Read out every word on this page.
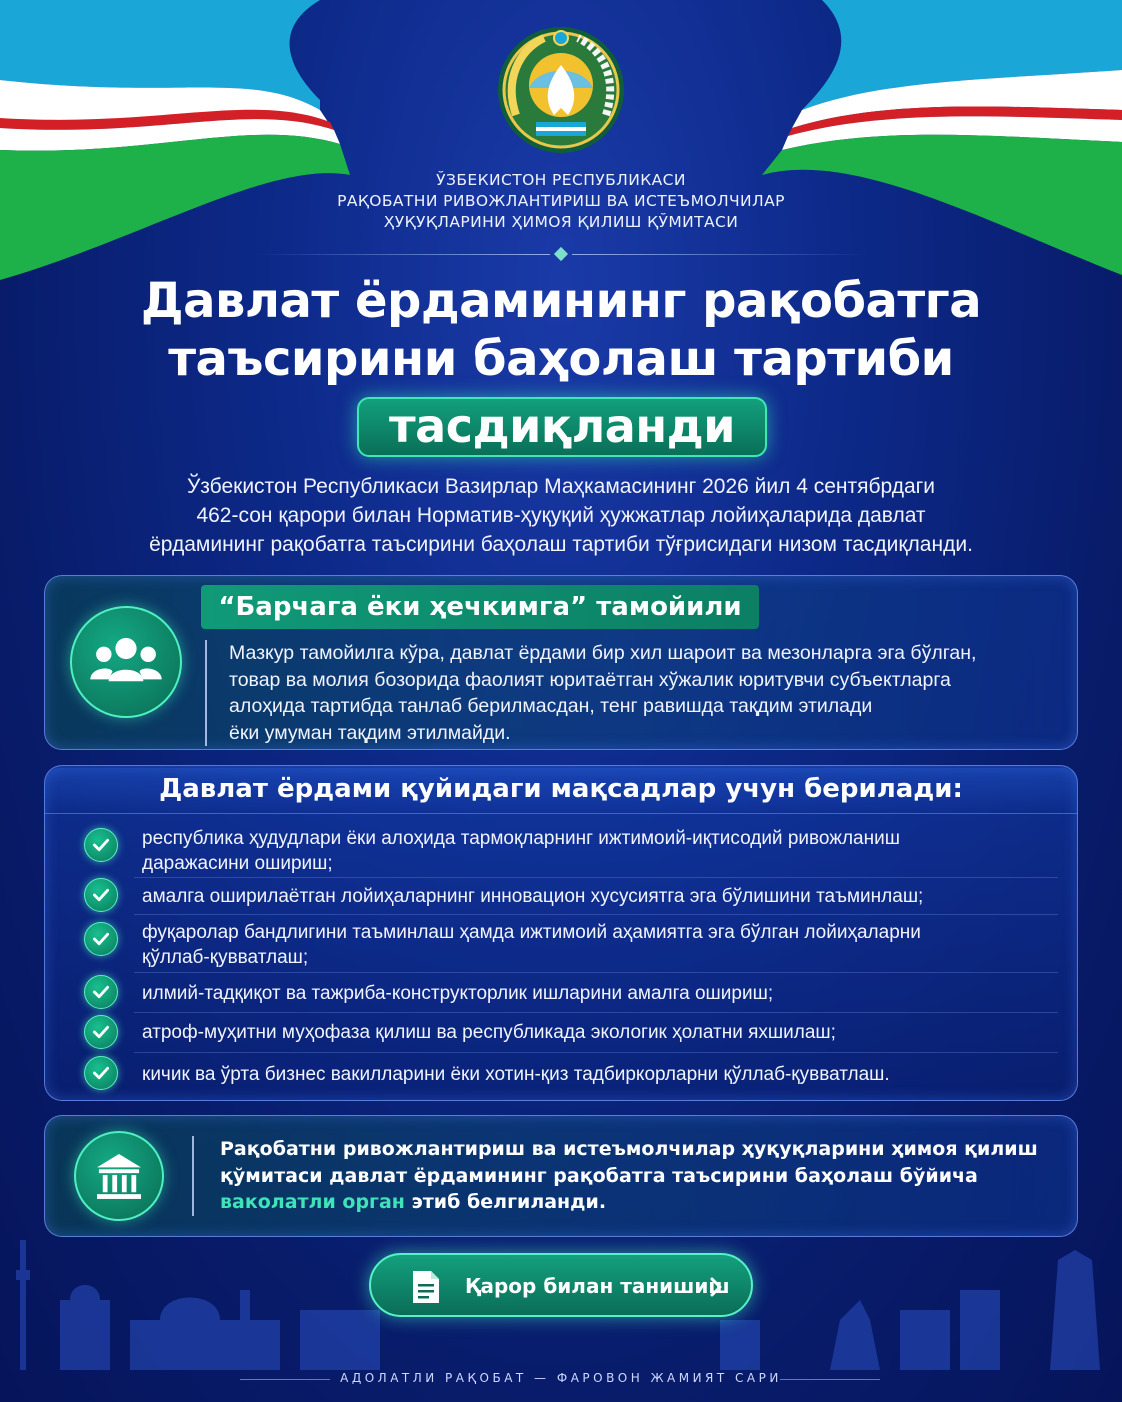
ЎЗБЕКИСТОН РЕСПУБЛИКАСИ
РАҚОБАТНИ РИВОЖЛАНТИРИШ ВА ИСТЕЪМОЛЧИЛАР
ҲУҚУҚЛАРИНИ ҲИМОЯ ҚИЛИШ ҚЎМИТАСИ
Давлат ёрдамининг рақобатга
таъсирини баҳолаш тартиби
тасдиқланди
Ўзбекистон Республикаси Вазирлар Маҳкамасининг 2026 йил 4 сентябрдаги
462-сон қарори билан Норматив-ҳуқуқий ҳужжатлар лойиҳаларида давлат
ёрдамининг рақобатга таъсирини баҳолаш тартиби тўғрисидаги низом тасдиқланди.
“Барчага ёки ҳечкимга” тамойили
Мазкур тамойилга кўра, давлат ёрдами бир хил шароит ва мезонларга эга бўлган,
товар ва молия бозорида фаолият юритаётган хўжалик юритувчи субъектларга
алоҳида тартибда танлаб берилмасдан, тенг равишда тақдим этилади
ёки умуман тақдим этилмайди.
Давлат ёрдами қуйидаги мақсадлар учун берилади:
республика ҳудудлари ёки алоҳида тармоқларнинг ижтимоий-иқтисодий ривожланиш
даражасини ошириш;
амалга оширилаётган лойиҳаларнинг инновацион хусусиятга эга бўлишини таъминлаш;
фуқаролар бандлигини таъминлаш ҳамда ижтимоий аҳамиятга эга бўлган лойиҳаларни
қўллаб-қувватлаш;
илмий-тадқиқот ва тажриба-конструкторлик ишларини амалга ошириш;
атроф-муҳитни муҳофаза қилиш ва республикада экологик ҳолатни яхшилаш;
кичик ва ўрта бизнес вакилларини ёки хотин-қиз тадбиркорларни қўллаб-қувватлаш.
Рақобатни ривожлантириш ва истеъмолчилар ҳуқуқларини ҳимоя қилиш
қўмитаси давлат ёрдамининг рақобатга таъсирини баҳолаш бўйича
ваколатли орган этиб белгиланди.
Қарор билан танишиш
АДОЛАТЛИ РАҚОБАТ — ФАРОВОН ЖАМИЯТ САРИ
